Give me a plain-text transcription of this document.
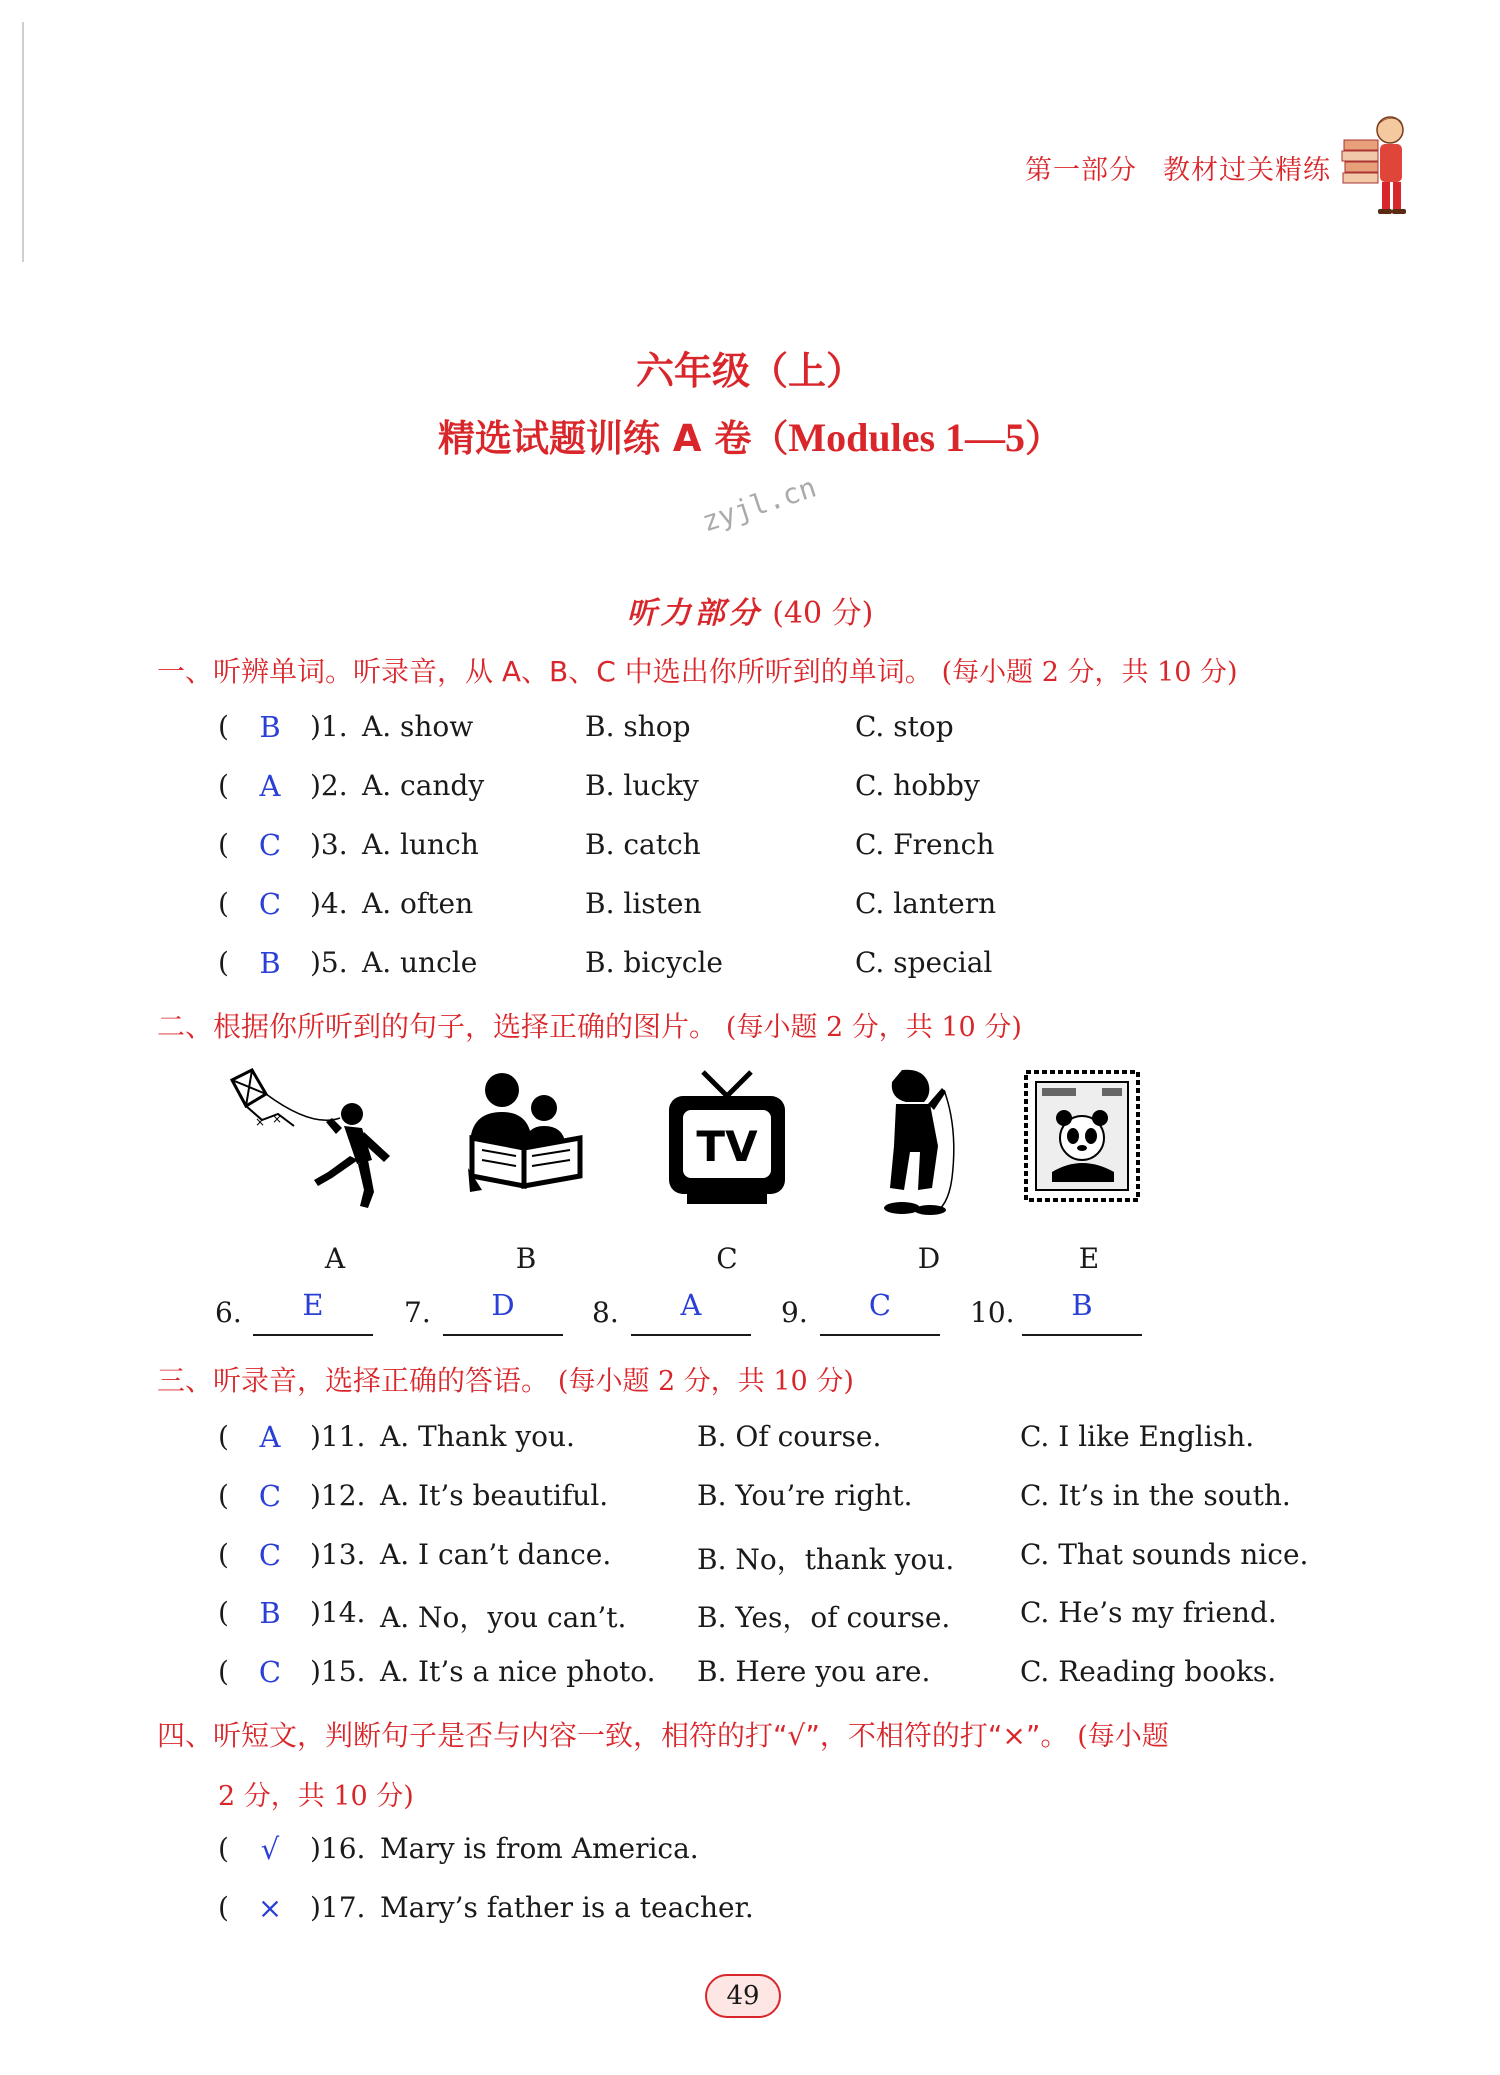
第一部分 教材过关精练
六年级（上）
精选试题训练 A 卷（Modules 1—5）
zyjl.cn
听力部分 (40 分)
一、听辨单词。听录音，从 A、B、C 中选出你所听到的单词。 (每小题 2 分，共 10 分)
(	B	)1. A. show	B. shop	C. stop
(	A	)2. A. candy	B. lucky	C. hobby
(	C	)3. A. lunch	B. catch	C. French
(	C	)4. A. often	B. listen	C. lantern
(	B	)5. A. uncle	B. bicycle	C. special
二、根据你所听到的句子，选择正确的图片。 (每小题 2 分，共 10 分)
× ×
TV
A	B	C	D	E
6.	E	7.	D	8.	A	9.	C	10.	B
三、听录音，选择正确的答语。 (每小题 2 分，共 10 分)
(	A	)11. A. Thank you.	B. Of course.	C. I like English.
(	C	)12. A. It’s beautiful.	B. You’re right.	C. It’s in the south.
(	C	)13. A. I can’t dance.	B. No，thank you. C. That sounds nice.
(	B	)14. A. No，you can’t.	B. Yes，of course. C. He’s my friend.
(	C	)15. A. It’s a nice photo. B. Here you are.	C. Reading books.
四、听短文，判断句子是否与内容一致，相符的打“√”，不相符的打“×”。 (每小题
2 分，共 10 分)
(	√	)16. Mary is from America.
( × )17. Mary’s father is a teacher.
49
